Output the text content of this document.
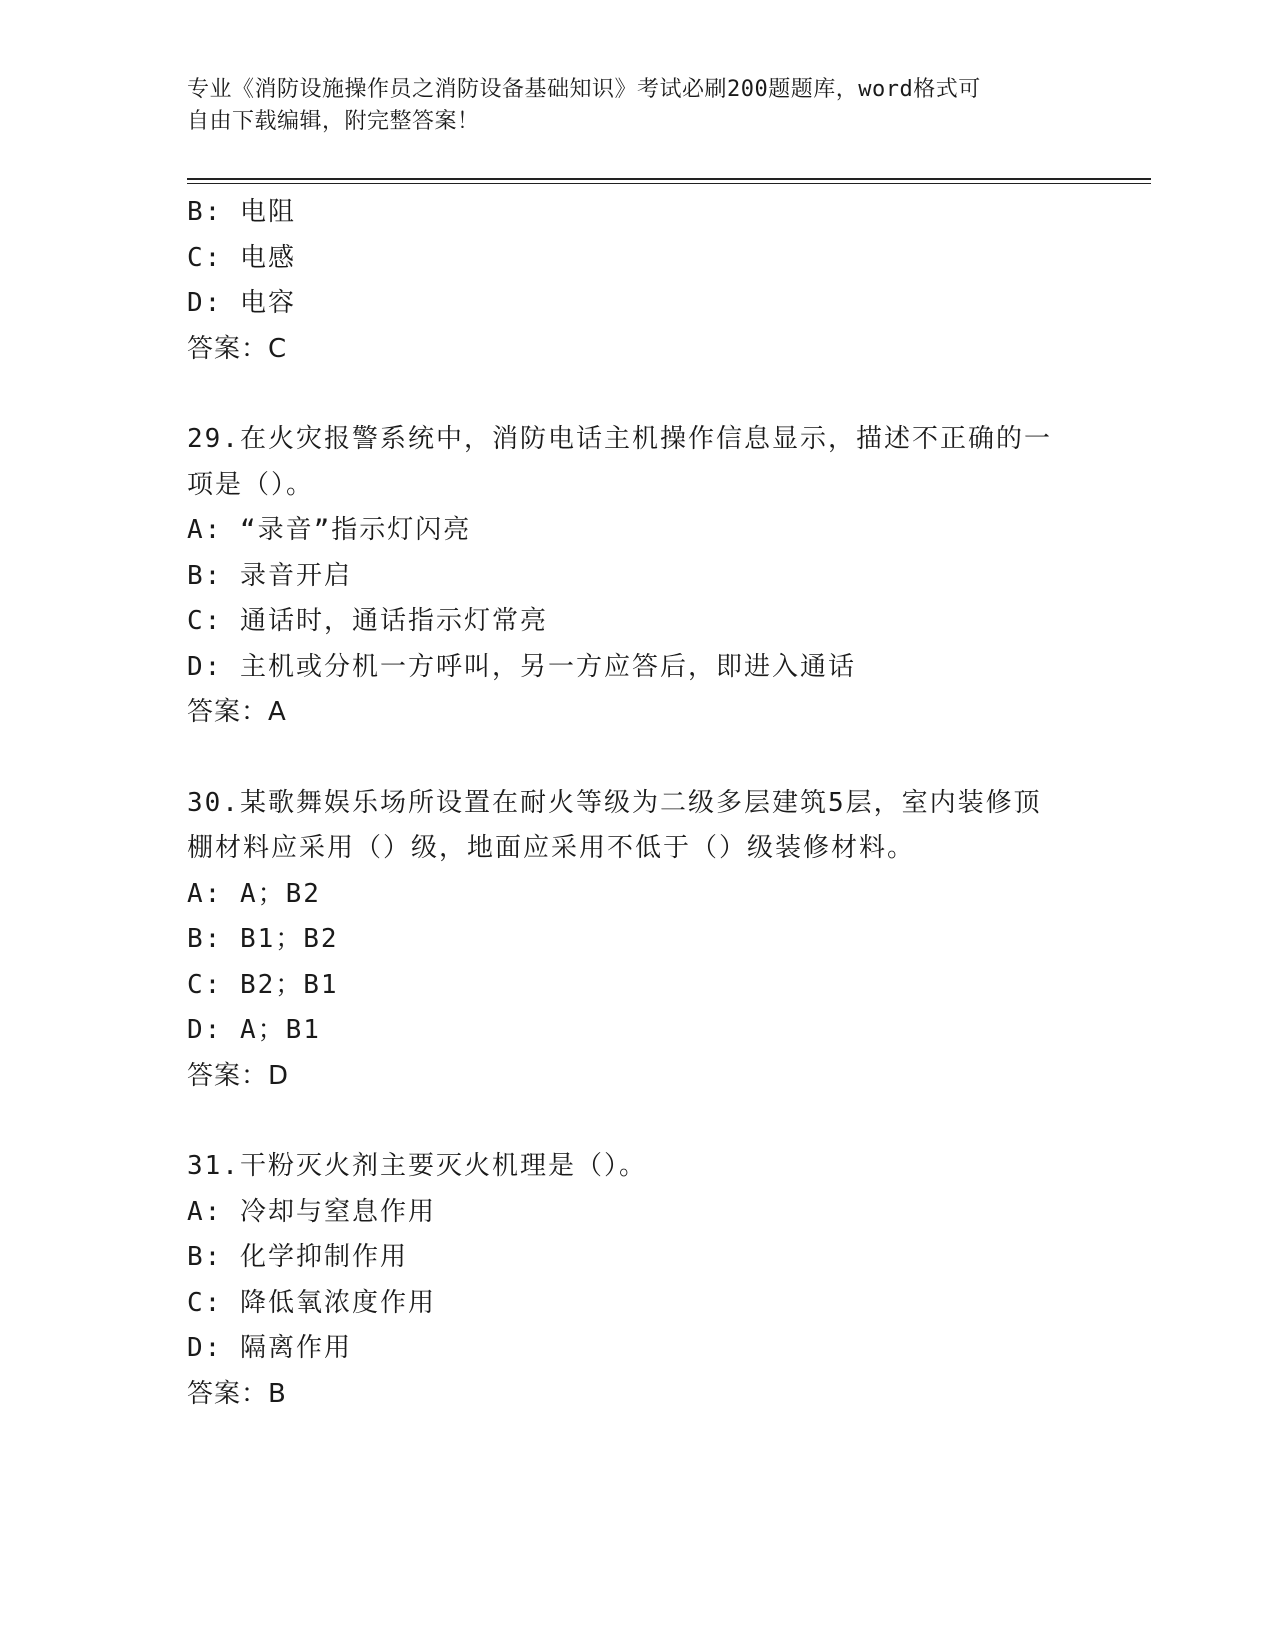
专业《消防设施操作员之消防设备基础知识》考试必刷200题题库，word格式可
自由下载编辑，附完整答案！
B: 电阻
C: 电感
D: 电容
答案：C
29.在火灾报警系统中，消防电话主机操作信息显示，描述不正确的一
项是（）。
A: “录音”指示灯闪亮
B: 录音开启
C: 通话时，通话指示灯常亮
D: 主机或分机一方呼叫，另一方应答后，即进入通话
答案：A
30.某歌舞娱乐场所设置在耐火等级为二级多层建筑5层，室内装修顶
棚材料应采用（）级，地面应采用不低于（）级装修材料。
A: A；B2
B: B1；B2
C: B2；B1
D: A；B1
答案：D
31.干粉灭火剂主要灭火机理是（）。
A: 冷却与窒息作用
B: 化学抑制作用
C: 降低氧浓度作用
D: 隔离作用
答案：B
